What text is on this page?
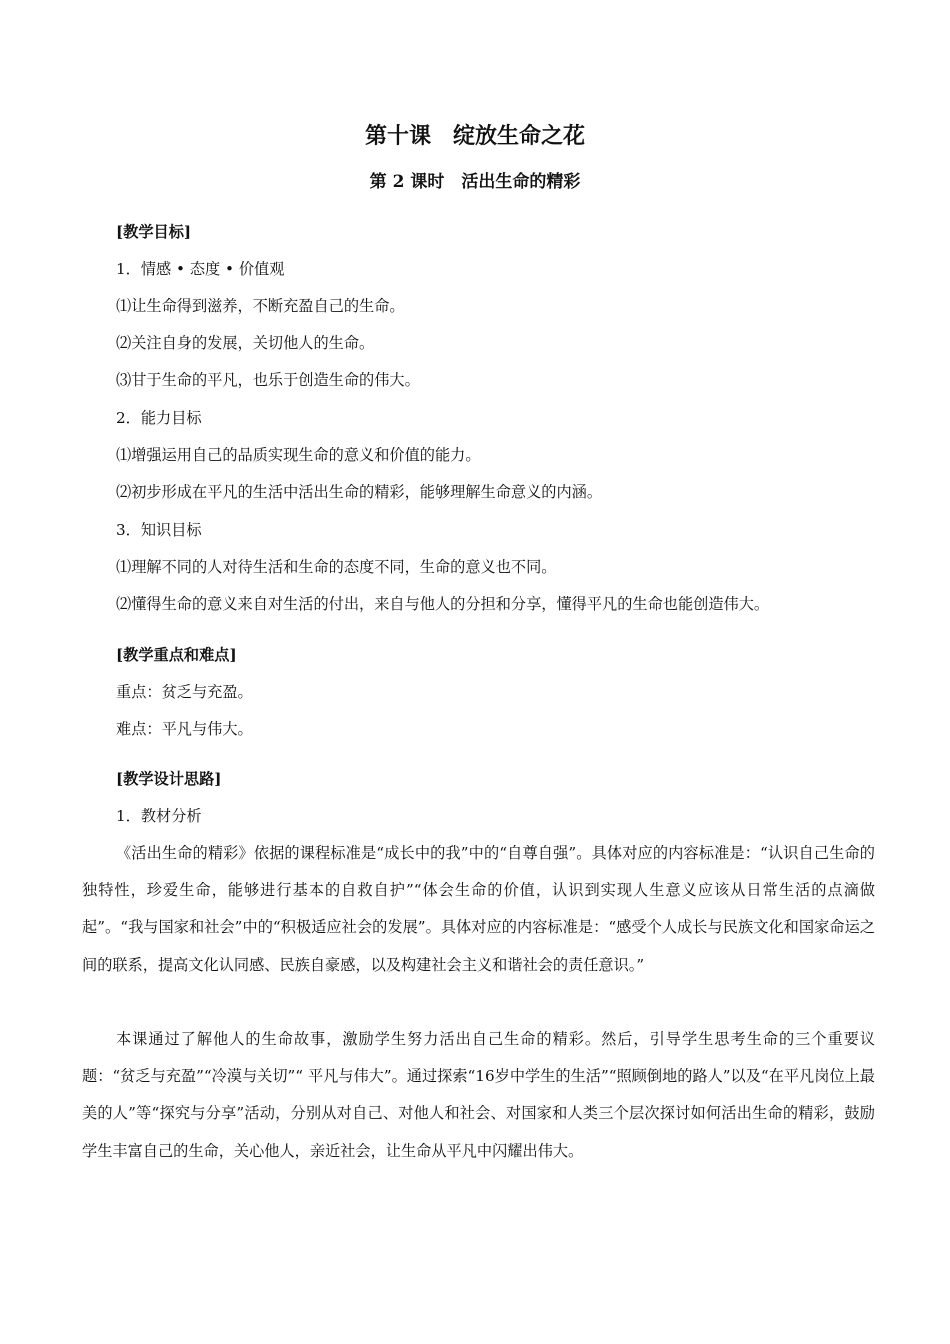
第十课　绽放生命之花
第 2 课时　活出生命的精彩
[教学目标]
1．情感 • 态度 • 价值观
⑴让生命得到滋养，不断充盈自己的生命。
⑵关注自身的发展，关切他人的生命。
⑶甘于生命的平凡，也乐于创造生命的伟大。
2．能力目标
⑴增强运用自己的品质实现生命的意义和价值的能力。
⑵初步形成在平凡的生活中活出生命的精彩，能够理解生命意义的内涵。
3．知识目标
⑴理解不同的人对待生活和生命的态度不同，生命的意义也不同。
⑵懂得生命的意义来自对生活的付出，来自与他人的分担和分享，懂得平凡的生命也能创造伟大。
[教学重点和难点]
重点：贫乏与充盈。
难点：平凡与伟大。
[教学设计思路]
1．教材分析
《活出生命的精彩》依据的课程标准是“成长中的我”中的“自尊自强”。具体对应的内容标准是：“认识自己生命的独特性，珍爱生命，能够进行基本的自救自护”“体会生命的价值，认识到实现人生意义应该从日常生活的点滴做起”。“我与国家和社会”中的“积极适应社会的发展”。具体对应的内容标准是：“感受个人成长与民族文化和国家命运之间的联系，提高文化认同感、民族自豪感，以及构建社会主义和谐社会的责任意识。”
本课通过了解他人的生命故事，激励学生努力活出自己生命的精彩。然后，引导学生思考生命的三个重要议题：“贫乏与充盈”“冷漠与关切”“ 平凡与伟大”。通过探索“16岁中学生的生活”“照顾倒地的路人”以及“在平凡岗位上最美的人”等“探究与分享”活动，分别从对自己、对他人和社会、对国家和人类三个层次探讨如何活出生命的精彩，鼓励学生丰富自己的生命，关心他人，亲近社会，让生命从平凡中闪耀出伟大。
